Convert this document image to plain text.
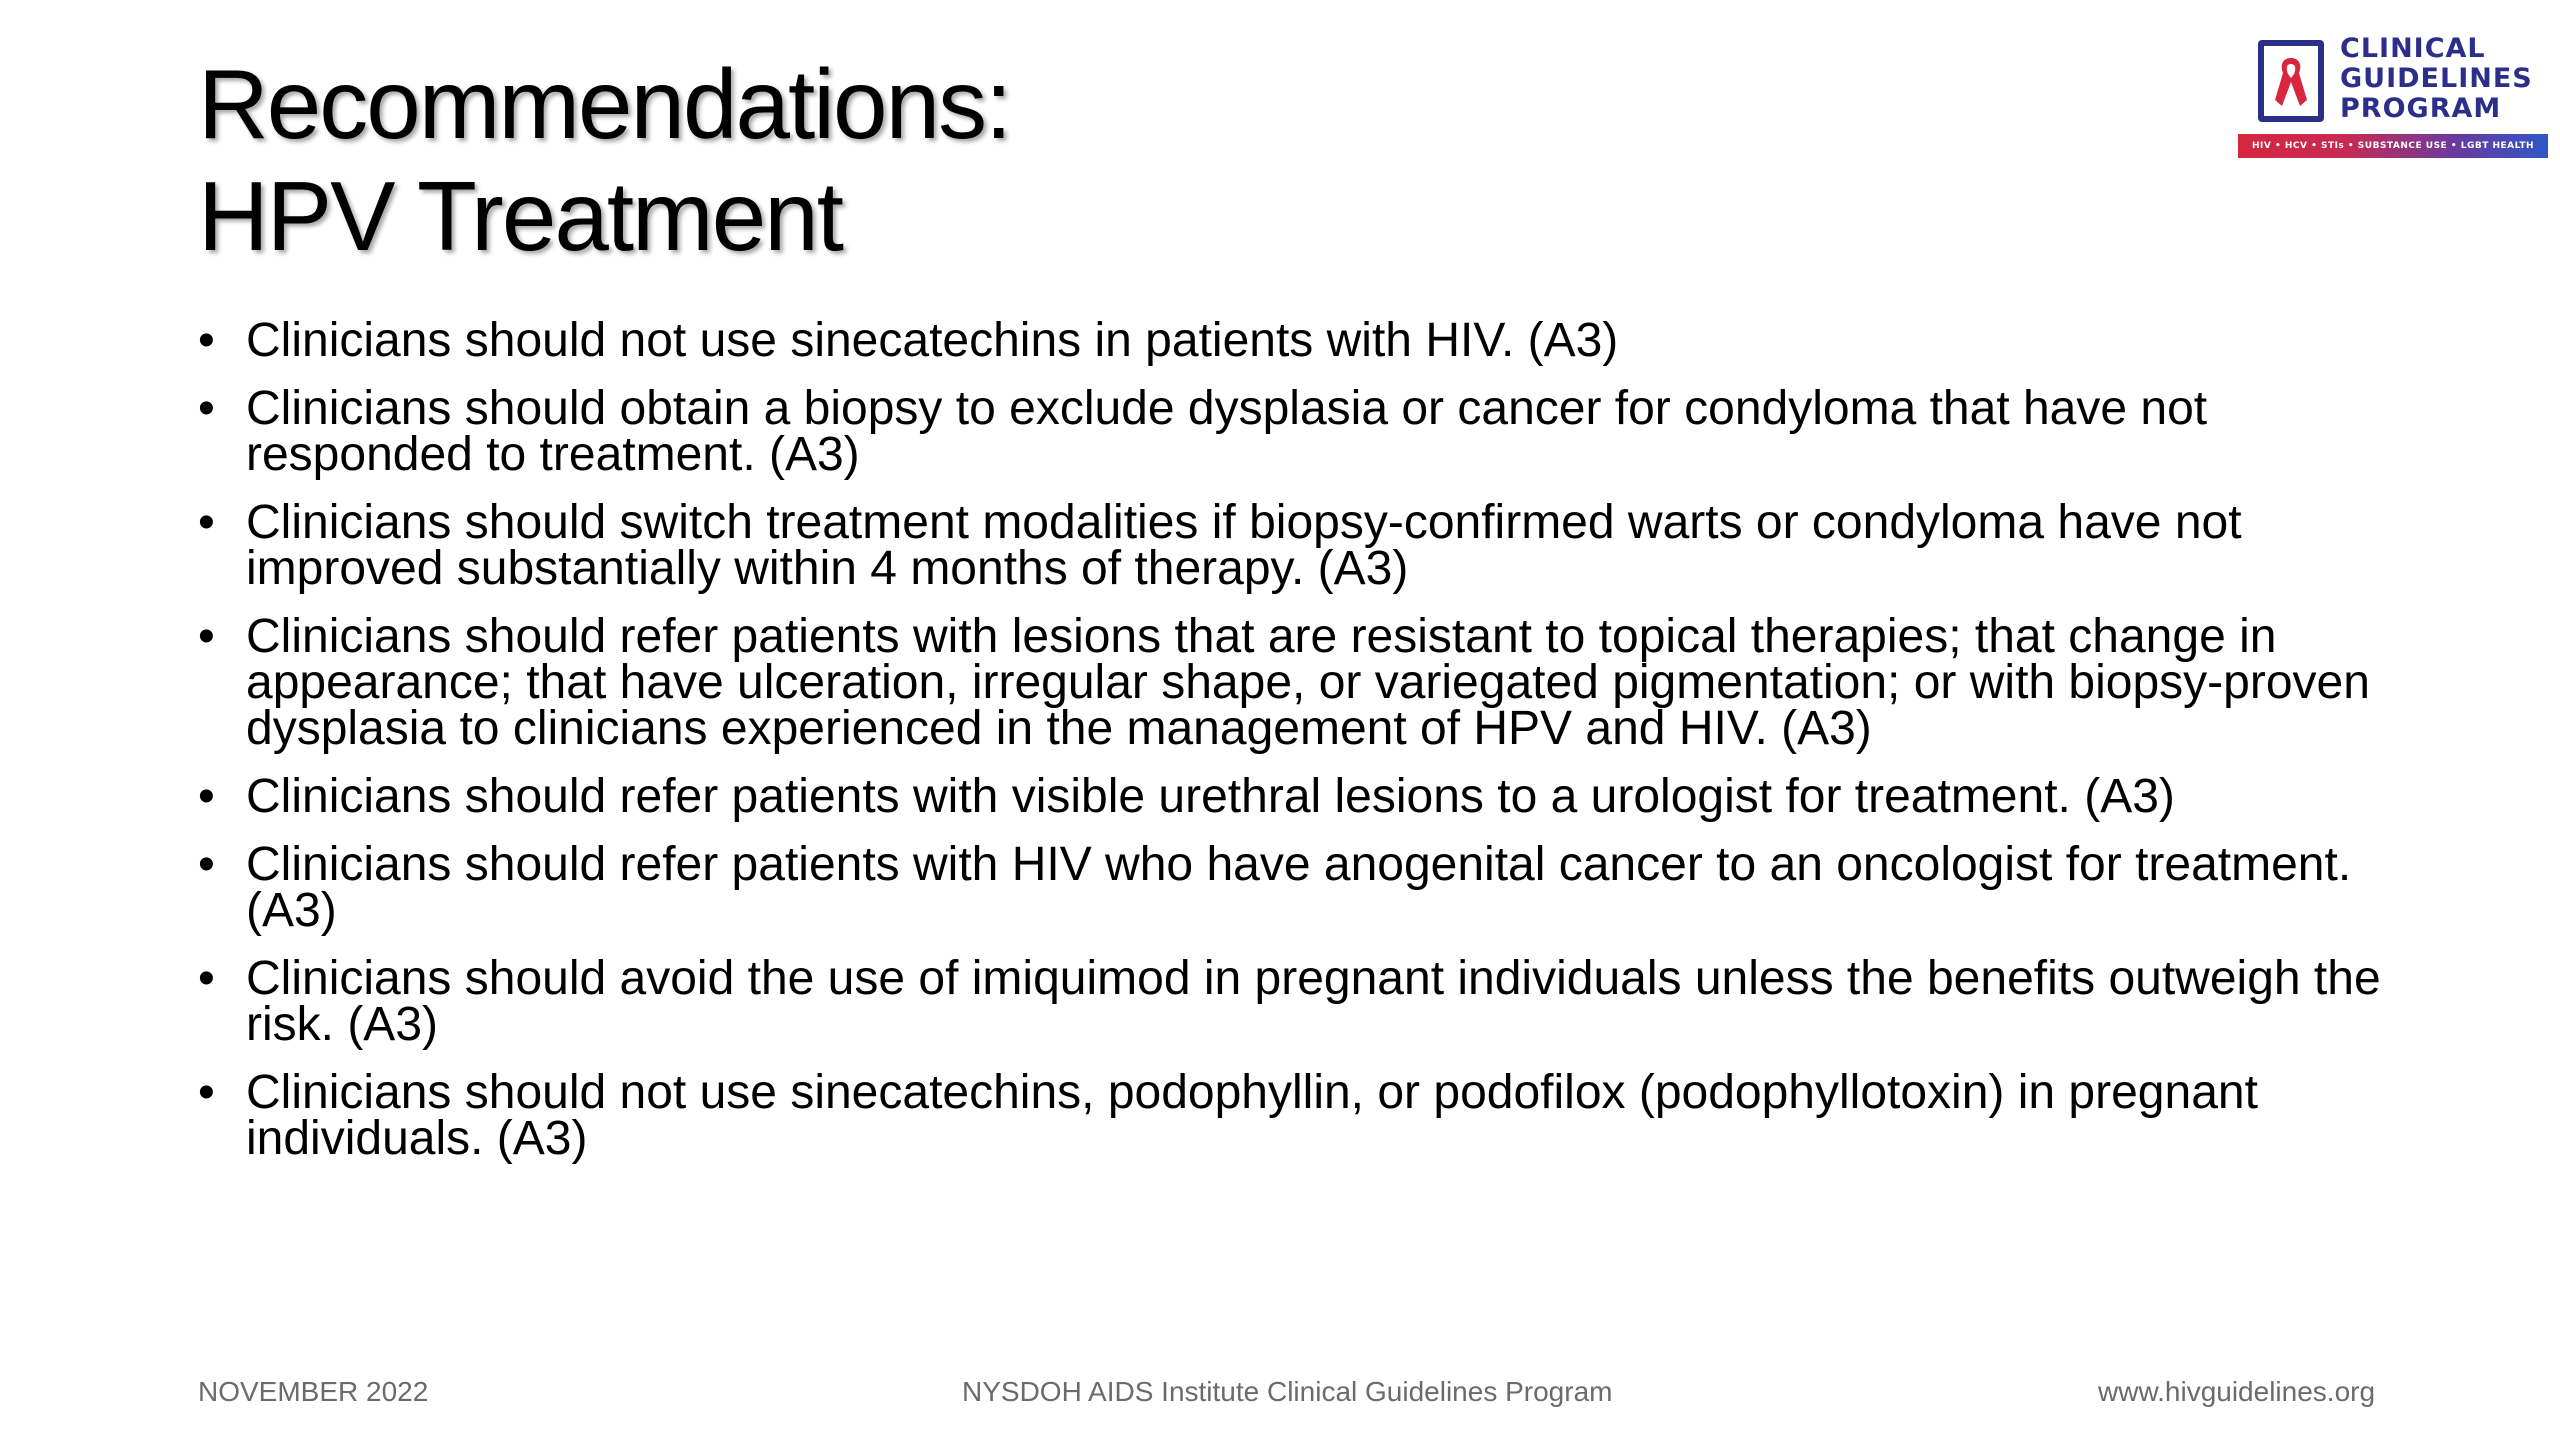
Recommendations:
HPV Treatment
CLINICAL
GUIDELINES
PROGRAM
HIV • HCV • STIs • SUBSTANCE USE • LGBT HEALTH
• Clinicians should not use sinecatechins in patients with HIV. (A3)
• Clinicians should obtain a biopsy to exclude dysplasia or cancer for condyloma that have not responded to treatment. (A3)
• Clinicians should switch treatment modalities if biopsy-confirmed warts or condyloma have not improved substantially within 4 months of therapy. (A3)
• Clinicians should refer patients with lesions that are resistant to topical therapies; that change in appearance; that have ulceration, irregular shape, or variegated pigmentation; or with biopsy-proven dysplasia to clinicians experienced in the management of HPV and HIV. (A3)
• Clinicians should refer patients with visible urethral lesions to a urologist for treatment. (A3)
• Clinicians should refer patients with HIV who have anogenital cancer to an oncologist for treatment. (A3)
• Clinicians should avoid the use of imiquimod in pregnant individuals unless the benefits outweigh the risk. (A3)
• Clinicians should not use sinecatechins, podophyllin, or podofilox (podophyllotoxin) in pregnant individuals. (A3)
NOVEMBER 2022	NYSDOH AIDS Institute Clinical Guidelines Program	www.hivguidelines.org
